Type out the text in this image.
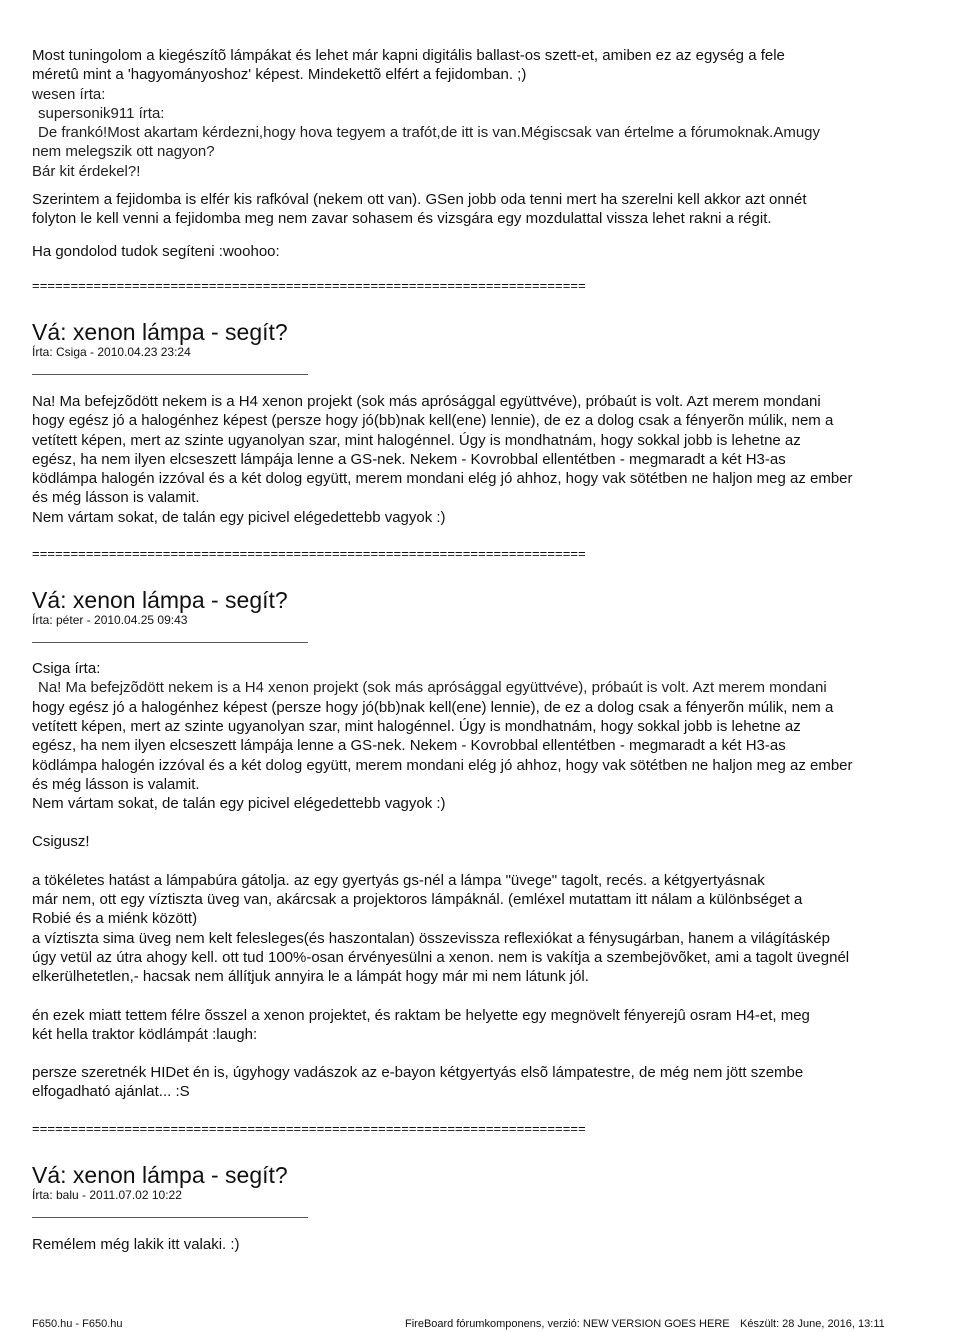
Most tuningolom a kiegészítõ lámpákat és lehet már kapni digitális ballast-os szett-et, amiben ez az egység a fele

méretû mint a 'hagyományoshoz' képest. Mindekettõ elfért a fejidomban. ;)

wesen írta:

supersonik911 írta:

De frankó!Most akartam kérdezni,hogy hova tegyem a trafót,de itt is van.Mégiscsak van értelme a fórumoknak.Amugy

nem melegszik ott nagyon?

Bár kit érdekel?!

Szerintem a fejidomba is elfér kis rafkóval (nekem ott van). GSen jobb oda tenni mert ha szerelni kell akkor azt onnét

folyton le kell venni a fejidomba meg nem zavar sohasem és vizsgára egy mozdulattal vissza lehet rakni a régit.

Ha gondolod tudok segíteni :woohoo:

========================================================================

Vá: xenon lámpa - segít?

Írta: Csiga - 2010.04.23 23:24

Na! Ma befejzõdött nekem is a H4 xenon projekt (sok más aprósággal együttvéve), próbaút is volt. Azt merem mondani

hogy egész jó a halogénhez képest (persze hogy jó(bb)nak kell(ene) lennie), de ez a dolog csak a fényerõn múlik, nem a

vetített képen, mert az szinte ugyanolyan szar, mint halogénnel. Úgy is mondhatnám, hogy sokkal jobb is lehetne az

egész, ha nem ilyen elcseszett lámpája lenne a GS-nek. Nekem - Kovrobbal ellentétben - megmaradt a két H3-as

ködlámpa halogén izzóval és a két dolog együtt, merem mondani elég jó ahhoz, hogy vak sötétben ne haljon meg az ember

és még lásson is valamit.

Nem vártam sokat, de talán egy picivel elégedettebb vagyok :)

========================================================================

Vá: xenon lámpa - segít?

Írta: péter - 2010.04.25 09:43

Csiga írta:

Na! Ma befejzõdött nekem is a H4 xenon projekt (sok más aprósággal együttvéve), próbaút is volt. Azt merem mondani

hogy egész jó a halogénhez képest (persze hogy jó(bb)nak kell(ene) lennie), de ez a dolog csak a fényerõn múlik, nem a

vetített képen, mert az szinte ugyanolyan szar, mint halogénnel. Úgy is mondhatnám, hogy sokkal jobb is lehetne az

egész, ha nem ilyen elcseszett lámpája lenne a GS-nek. Nekem - Kovrobbal ellentétben - megmaradt a két H3-as

ködlámpa halogén izzóval és a két dolog együtt, merem mondani elég jó ahhoz, hogy vak sötétben ne haljon meg az ember

és még lásson is valamit.

Nem vártam sokat, de talán egy picivel elégedettebb vagyok :)

Csigusz!

a tökéletes hatást a lámpabúra gátolja. az egy gyertyás gs-nél a lámpa "üvege" tagolt, recés. a kétgyertyásnak

már nem, ott egy víztiszta üveg van, akárcsak a projektoros lámpáknál. (emléxel mutattam itt nálam a különbséget a

Robié és a miénk között)

a víztiszta sima üveg nem kelt felesleges(és haszontalan) összevissza reflexiókat a fénysugárban, hanem a világításkép

úgy vetül az útra ahogy kell. ott tud 100%-osan érvényesülni a xenon. nem is vakítja a szembejövõket, ami a tagolt üvegnél

elkerülhetetlen,- hacsak nem állítjuk annyira le a lámpát hogy már mi nem látunk jól.

én ezek miatt tettem félre õsszel a xenon projektet, és raktam be helyette egy megnövelt fényerejû osram H4-et, meg

két hella traktor ködlámpát :laugh:

persze szeretnék HIDet én is, úgyhogy vadászok az e-bayon kétgyertyás elsõ lámpatestre, de még nem jött szembe

elfogadható ajánlat... :S

========================================================================

Vá: xenon lámpa - segít?

Írta: balu - 2011.07.02 10:22

Remélem még lakik itt valaki. :)

F650.hu - F650.hu	FireBoard fórumkomponens, verzió: NEW VERSION GOES HERE Készült: 28 June, 2016, 13:11
